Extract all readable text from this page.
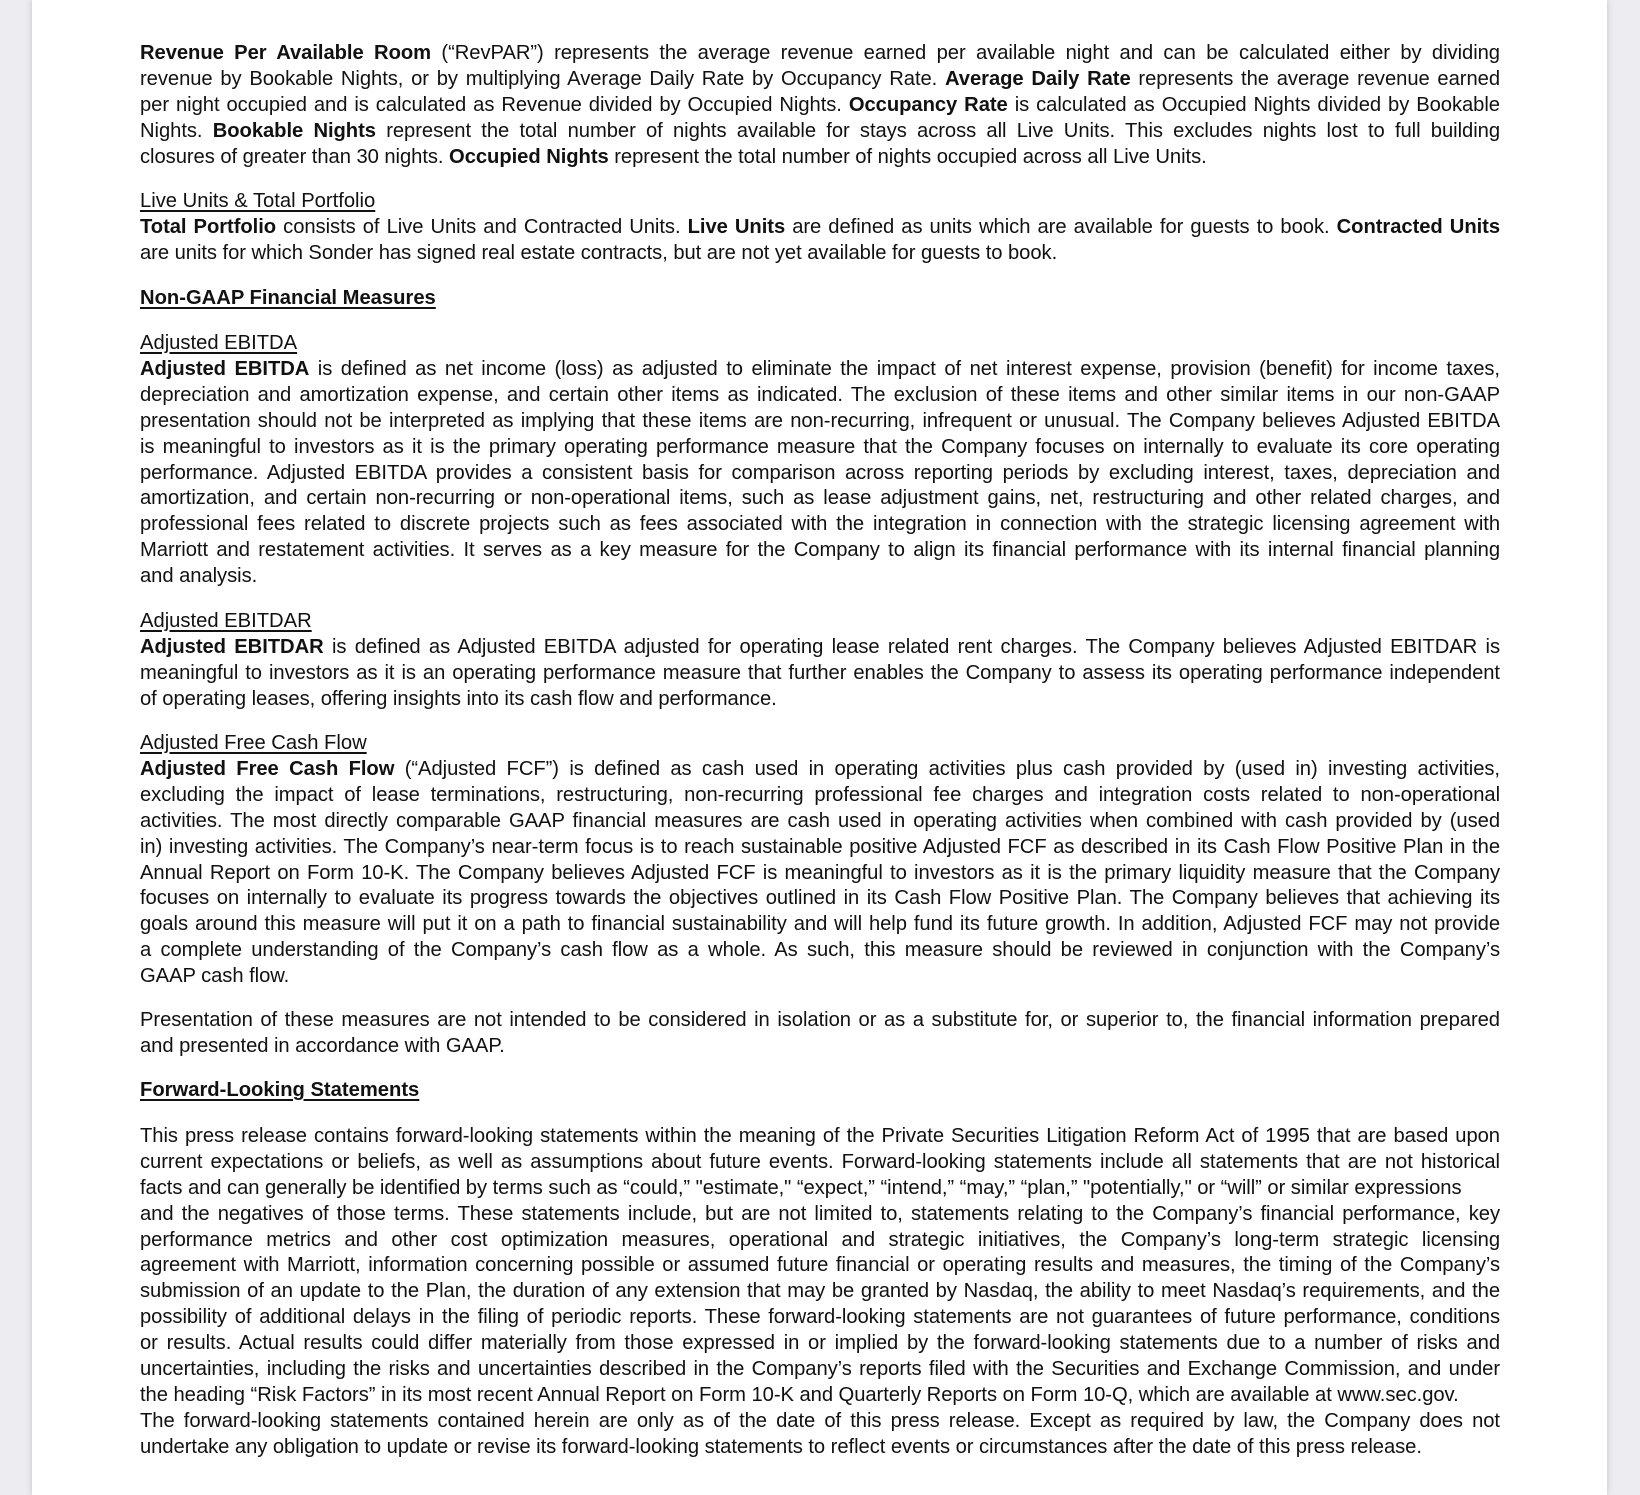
Revenue Per Available Room (“RevPAR”) represents the average revenue earned per available night and can be calculated either by dividing
revenue by Bookable Nights, or by multiplying Average Daily Rate by Occupancy Rate. Average Daily Rate represents the average revenue earned
per night occupied and is calculated as Revenue divided by Occupied Nights. Occupancy Rate is calculated as Occupied Nights divided by Bookable
Nights. Bookable Nights represent the total number of nights available for stays across all Live Units. This excludes nights lost to full building
closures of greater than 30 nights. Occupied Nights represent the total number of nights occupied across all Live Units.
Live Units & Total Portfolio
Total Portfolio consists of Live Units and Contracted Units. Live Units are defined as units which are available for guests to book. Contracted Units
are units for which Sonder has signed real estate contracts, but are not yet available for guests to book.
Non-GAAP Financial Measures
Adjusted EBITDA
Adjusted EBITDA is defined as net income (loss) as adjusted to eliminate the impact of net interest expense, provision (benefit) for income taxes,
depreciation and amortization expense, and certain other items as indicated. The exclusion of these items and other similar items in our non-GAAP
presentation should not be interpreted as implying that these items are non-recurring, infrequent or unusual. The Company believes Adjusted EBITDA
is meaningful to investors as it is the primary operating performance measure that the Company focuses on internally to evaluate its core operating
performance. Adjusted EBITDA provides a consistent basis for comparison across reporting periods by excluding interest, taxes, depreciation and
amortization, and certain non-recurring or non-operational items, such as lease adjustment gains, net, restructuring and other related charges, and
professional fees related to discrete projects such as fees associated with the integration in connection with the strategic licensing agreement with
Marriott and restatement activities. It serves as a key measure for the Company to align its financial performance with its internal financial planning
and analysis.
Adjusted EBITDAR
Adjusted EBITDAR is defined as Adjusted EBITDA adjusted for operating lease related rent charges. The Company believes Adjusted EBITDAR is
meaningful to investors as it is an operating performance measure that further enables the Company to assess its operating performance independent
of operating leases, offering insights into its cash flow and performance.
Adjusted Free Cash Flow
Adjusted Free Cash Flow (“Adjusted FCF”) is defined as cash used in operating activities plus cash provided by (used in) investing activities,
excluding the impact of lease terminations, restructuring, non-recurring professional fee charges and integration costs related to non-operational
activities. The most directly comparable GAAP financial measures are cash used in operating activities when combined with cash provided by (used
in) investing activities. The Company’s near-term focus is to reach sustainable positive Adjusted FCF as described in its Cash Flow Positive Plan in the
Annual Report on Form 10-K. The Company believes Adjusted FCF is meaningful to investors as it is the primary liquidity measure that the Company
focuses on internally to evaluate its progress towards the objectives outlined in its Cash Flow Positive Plan. The Company believes that achieving its
goals around this measure will put it on a path to financial sustainability and will help fund its future growth. In addition, Adjusted FCF may not provide
a complete understanding of the Company’s cash flow as a whole. As such, this measure should be reviewed in conjunction with the Company’s
GAAP cash flow.
Presentation of these measures are not intended to be considered in isolation or as a substitute for, or superior to, the financial information prepared
and presented in accordance with GAAP.
Forward-Looking Statements
This press release contains forward-looking statements within the meaning of the Private Securities Litigation Reform Act of 1995 that are based upon
current expectations or beliefs, as well as assumptions about future events. Forward-looking statements include all statements that are not historical
facts and can generally be identified by terms such as “could,” "estimate," “expect,” “intend,” “may,” “plan,” "potentially," or “will” or similar expressions
and the negatives of those terms. These statements include, but are not limited to, statements relating to the Company’s financial performance, key
performance metrics and other cost optimization measures, operational and strategic initiatives, the Company’s long-term strategic licensing
agreement with Marriott, information concerning possible or assumed future financial or operating results and measures, the timing of the Company’s
submission of an update to the Plan, the duration of any extension that may be granted by Nasdaq, the ability to meet Nasdaq’s requirements, and the
possibility of additional delays in the filing of periodic reports. These forward-looking statements are not guarantees of future performance, conditions
or results. Actual results could differ materially from those expressed in or implied by the forward-looking statements due to a number of risks and
uncertainties, including the risks and uncertainties described in the Company’s reports filed with the Securities and Exchange Commission, and under
the heading “Risk Factors” in its most recent Annual Report on Form 10-K and Quarterly Reports on Form 10-Q, which are available at www.sec.gov.
The forward-looking statements contained herein are only as of the date of this press release. Except as required by law, the Company does not
undertake any obligation to update or revise its forward-looking statements to reflect events or circumstances after the date of this press release.
